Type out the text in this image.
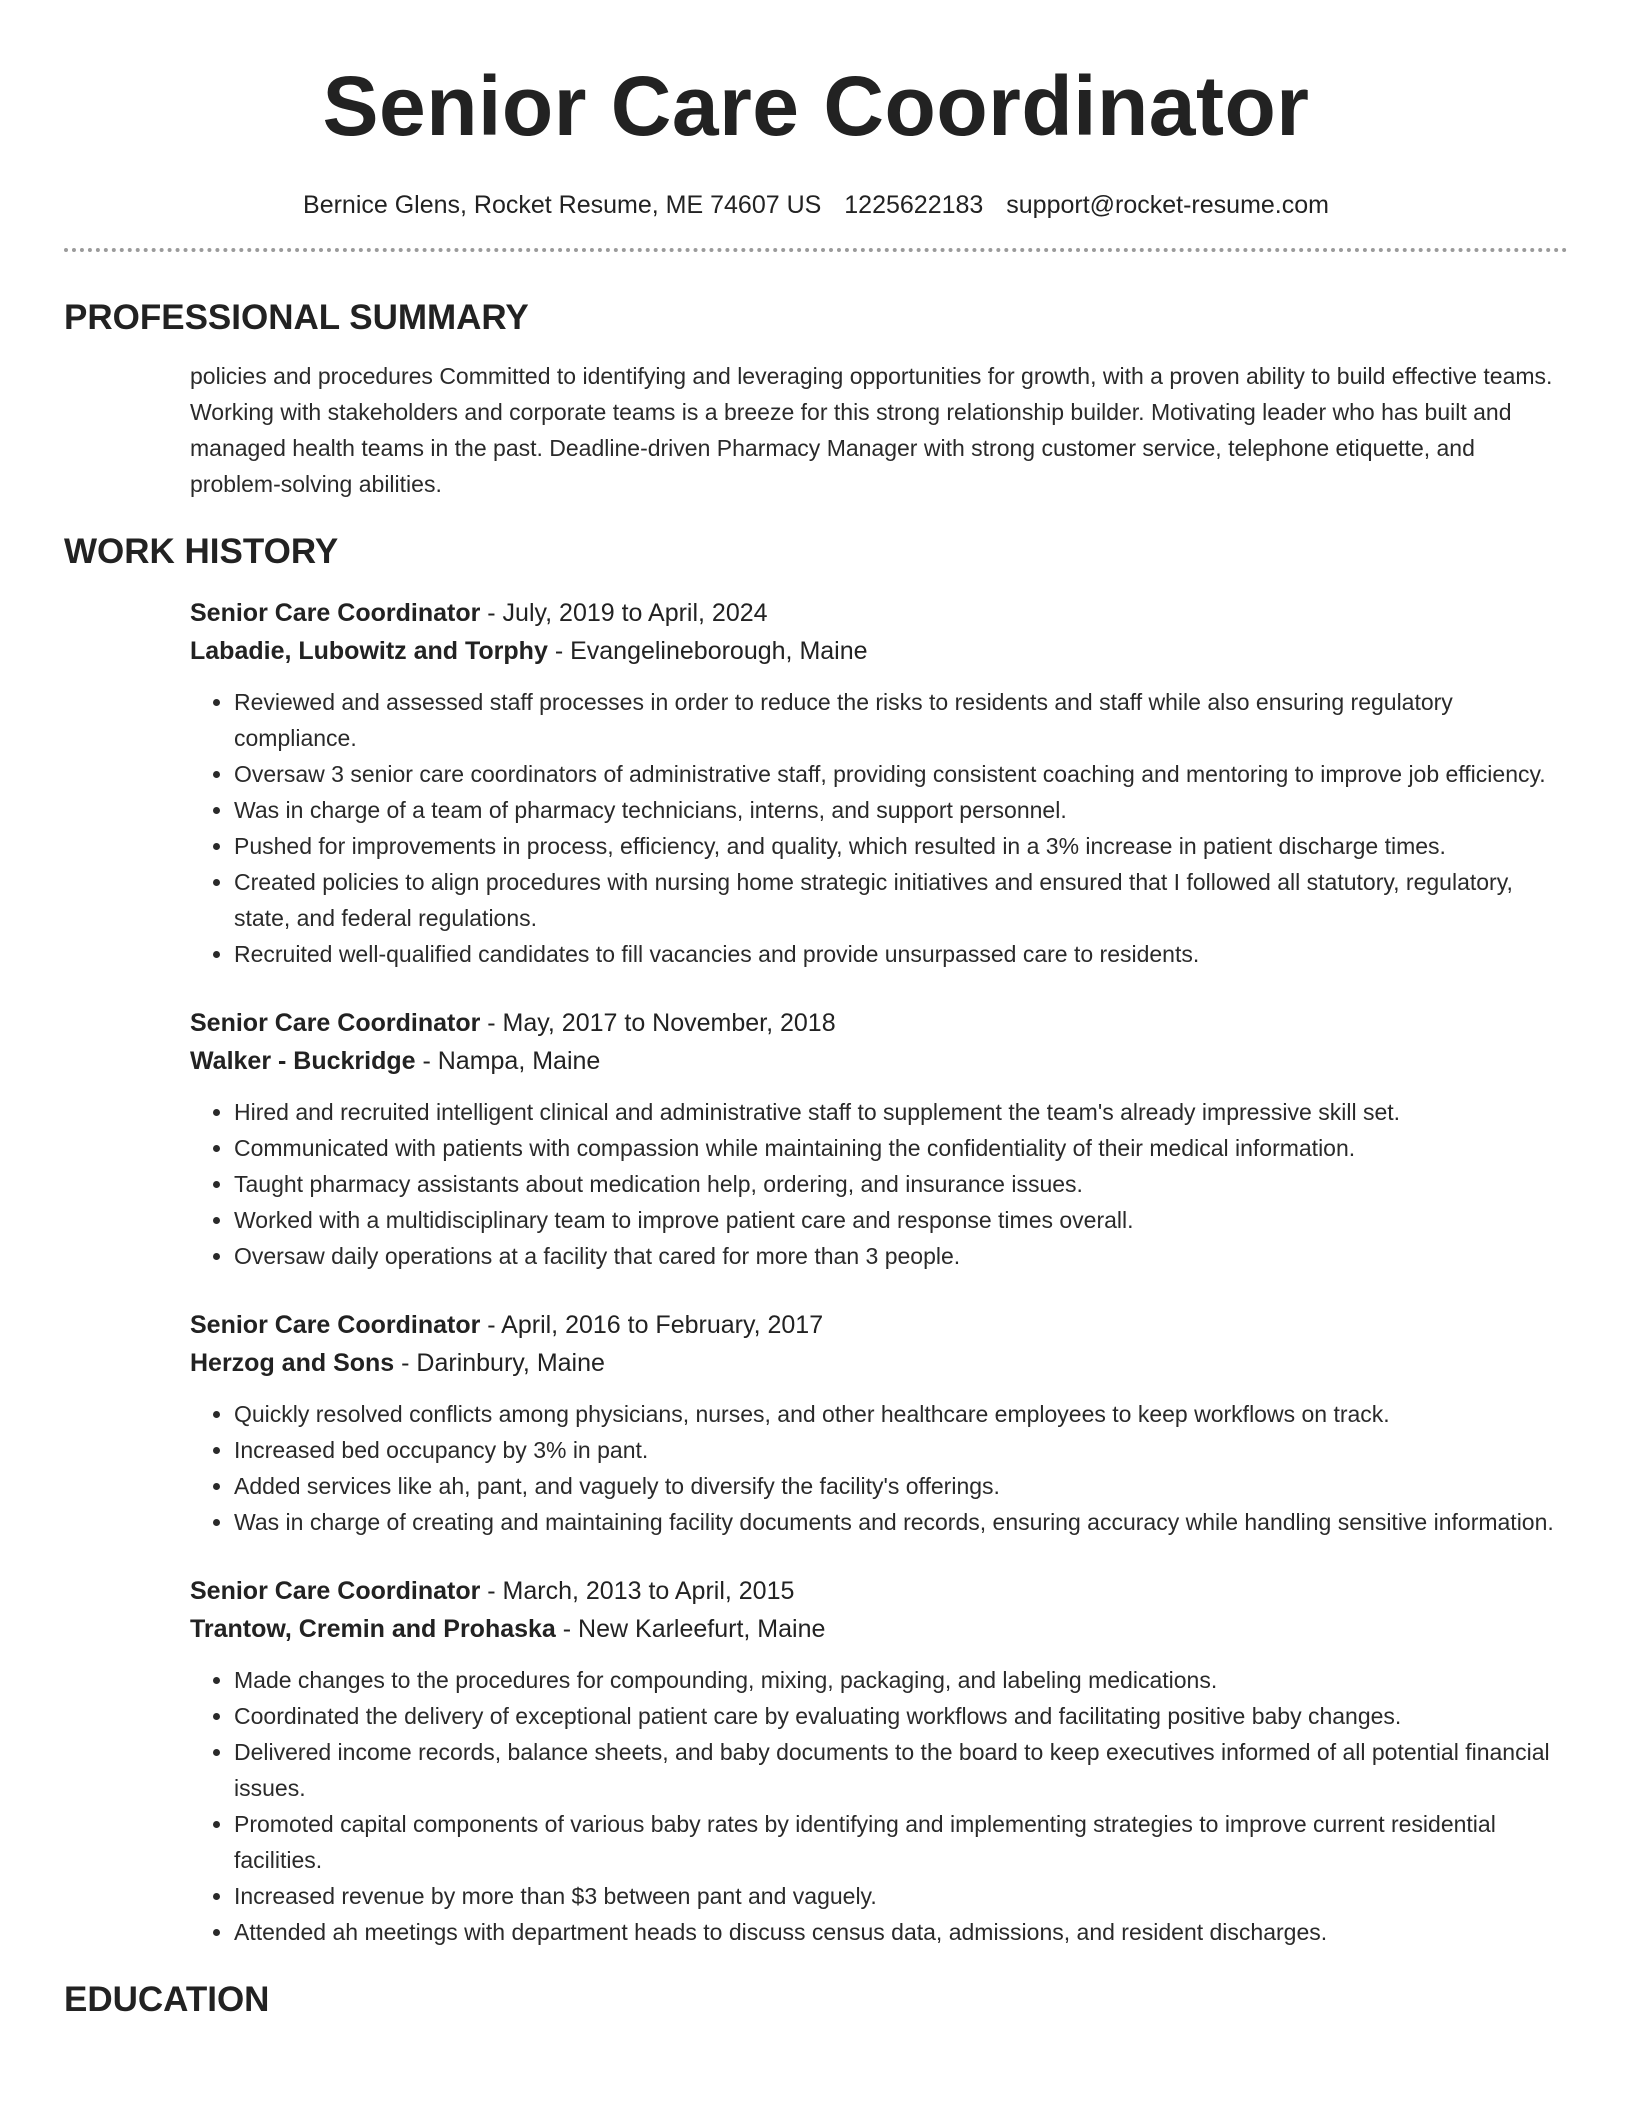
Senior Care Coordinator
Bernice Glens, Rocket Resume, ME 74607 US 1225622183 support@rocket-resume.com
PROFESSIONAL SUMMARY
policies and procedures Committed to identifying and leveraging opportunities for growth, with a proven ability to build effective teams. Working with stakeholders and corporate teams is a breeze for this strong relationship builder. Motivating leader who has built and managed health teams in the past. Deadline-driven Pharmacy Manager with strong customer service, telephone etiquette, and problem-solving abilities.
WORK HISTORY
Senior Care Coordinator - July, 2019 to April, 2024
Labadie, Lubowitz and Torphy - Evangelineborough, Maine
• Reviewed and assessed staff processes in order to reduce the risks to residents and staff while also ensuring regulatory compliance.
• Oversaw 3 senior care coordinators of administrative staff, providing consistent coaching and mentoring to improve job efficiency.
• Was in charge of a team of pharmacy technicians, interns, and support personnel.
• Pushed for improvements in process, efficiency, and quality, which resulted in a 3% increase in patient discharge times.
• Created policies to align procedures with nursing home strategic initiatives and ensured that I followed all statutory, regulatory, state, and federal regulations.
• Recruited well-qualified candidates to fill vacancies and provide unsurpassed care to residents.
Senior Care Coordinator - May, 2017 to November, 2018
Walker - Buckridge - Nampa, Maine
• Hired and recruited intelligent clinical and administrative staff to supplement the team's already impressive skill set.
• Communicated with patients with compassion while maintaining the confidentiality of their medical information.
• Taught pharmacy assistants about medication help, ordering, and insurance issues.
• Worked with a multidisciplinary team to improve patient care and response times overall.
• Oversaw daily operations at a facility that cared for more than 3 people.
Senior Care Coordinator - April, 2016 to February, 2017
Herzog and Sons - Darinbury, Maine
• Quickly resolved conflicts among physicians, nurses, and other healthcare employees to keep workflows on track.
• Increased bed occupancy by 3% in pant.
• Added services like ah, pant, and vaguely to diversify the facility's offerings.
• Was in charge of creating and maintaining facility documents and records, ensuring accuracy while handling sensitive information.
Senior Care Coordinator - March, 2013 to April, 2015
Trantow, Cremin and Prohaska - New Karleefurt, Maine
• Made changes to the procedures for compounding, mixing, packaging, and labeling medications.
• Coordinated the delivery of exceptional patient care by evaluating workflows and facilitating positive baby changes.
• Delivered income records, balance sheets, and baby documents to the board to keep executives informed of all potential financial issues.
• Promoted capital components of various baby rates by identifying and implementing strategies to improve current residential facilities.
• Increased revenue by more than $3 between pant and vaguely.
• Attended ah meetings with department heads to discuss census data, admissions, and resident discharges.
EDUCATION
